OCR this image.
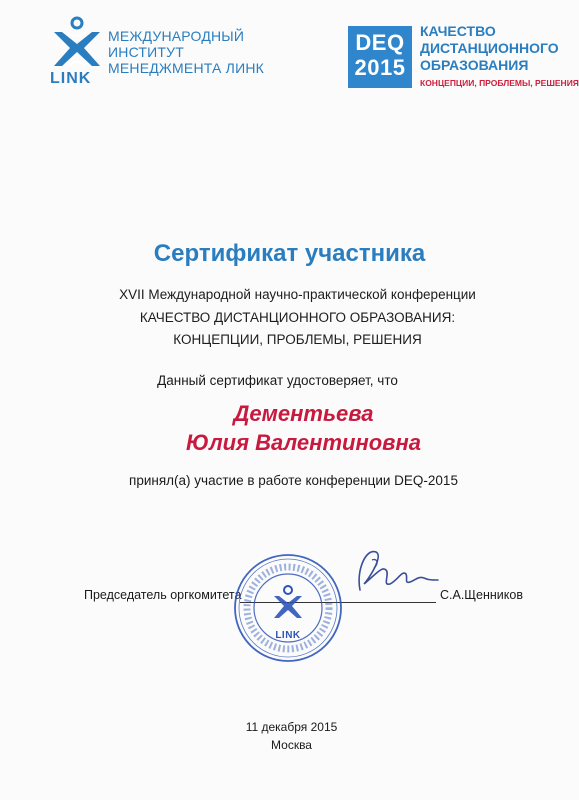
LINK
МЕЖДУНАРОДНЫЙ
ИНСТИТУТ
МЕНЕДЖМЕНТА ЛИНК
DEQ
2015
КАЧЕСТВО
ДИСТАНЦИОННОГО
ОБРАЗОВАНИЯ
КОНЦЕПЦИИ, ПРОБЛЕМЫ, РЕШЕНИЯ
Сертификат участника
XVII Международной научно-практической конференции
КАЧЕСТВО ДИСТАНЦИОННОГО ОБРАЗОВАНИЯ:
КОНЦЕПЦИИ, ПРОБЛЕМЫ, РЕШЕНИЯ
Данный сертификат удостоверяет, что
Дементьева
Юлия Валентиновна
принял(а) участие в работе конференции DEQ-2015
Председатель оргкомитета	С.А.Щенников
LINK
11 декабря 2015
Москва
